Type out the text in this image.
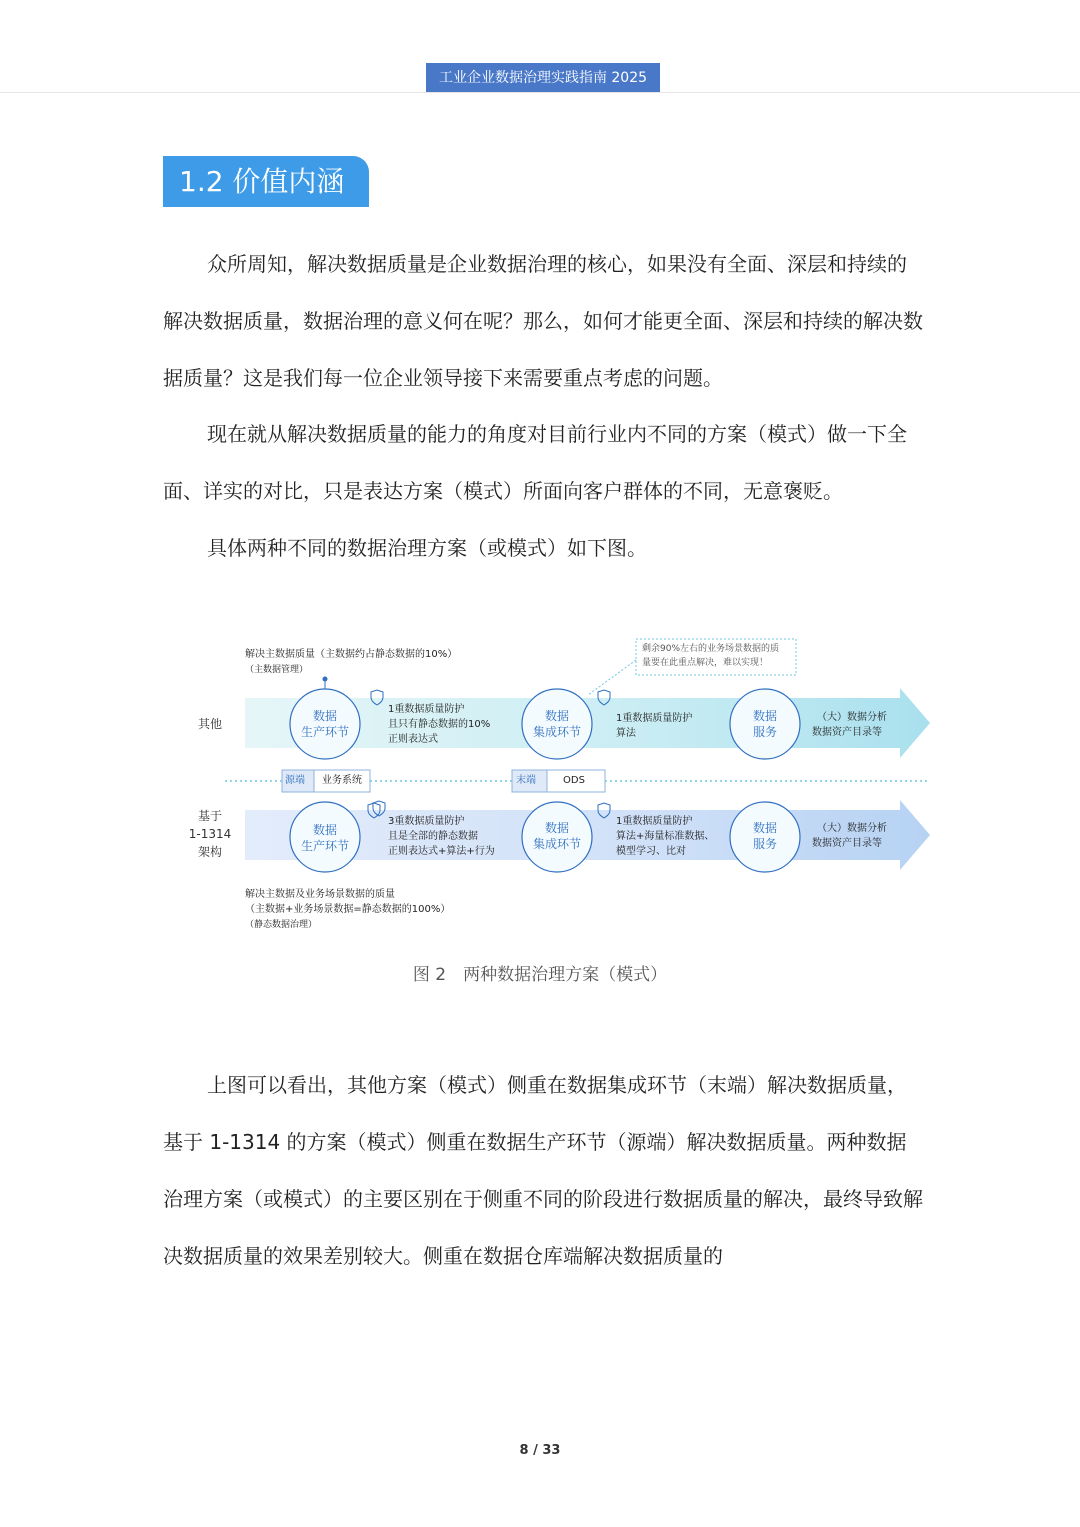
工业企业数据治理实践指南 2025
1.2 价值内涵

众所周知，解决数据质量是企业数据治理的核心，如果没有全面、深层和持续的解决数据质量，数据治理的意义何在呢？那么，如何才能更全面、深层和持续的解决数据质量？这是我们每一位企业领导接下来需要重点考虑的问题。

现在就从解决数据质量的能力的角度对目前行业内不同的方案（模式）做一下全面、详实的对比，只是表达方案（模式）所面向客户群体的不同，无意褒贬。

具体两种不同的数据治理方案（或模式）如下图。

解决主数据质量（主数据约占静态数据的10%）
（主数据管理）
剩余90%左右的业务场景数据的质
量要在此重点解决，难以实现！
其他
数据
生产环节
1重数据质量防护
且只有静态数据的10%
正则表达式
数据
集成环节
1重数据质量防护
算法
数据
服务
（大）数据分析
数据资产目录等
源端 业务系统	末端	ODS
基于
1-1314
架构
数据
生产环节
3重数据质量防护
且是全部的静态数据
正则表达式+算法+行为
数据
集成环节
1重数据质量防护
算法+海量标准数据、
模型学习、比对
数据
服务
（大）数据分析
数据资产目录等
解决主数据及业务场景数据的质量
（主数据+业务场景数据=静态数据的100%）
（静态数据治理）
图 2　两种数据治理方案（模式）

上图可以看出，其他方案（模式）侧重在数据集成环节（末端）解决数据质量，基于 1-1314 的方案（模式）侧重在数据生产环节（源端）解决数据质量。两种数据治理方案（或模式）的主要区别在于侧重不同的阶段进行数据质量的解决，最终导致解决数据质量的效果差别较大。侧重在数据仓库端解决数据质量的

8 / 33
